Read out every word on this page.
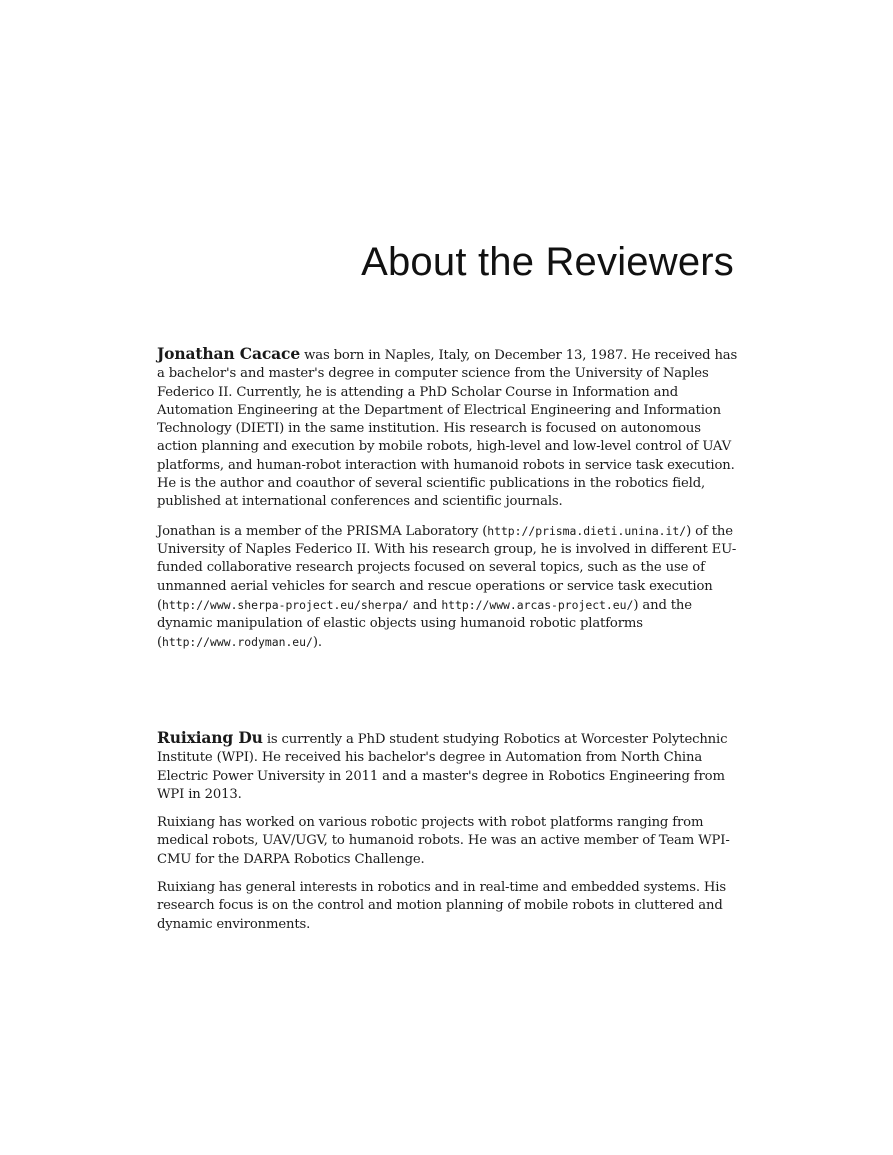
About the Reviewers

Jonathan Cacace was born in Naples, Italy, on December 13, 1987. He received has a bachelor's and master's degree in computer science from the University of Naples Federico II. Currently, he is attending a PhD Scholar Course in Information and Automation Engineering at the Department of Electrical Engineering and Information Technology (DIETI) in the same institution. His research is focused on autonomous action planning and execution by mobile robots, high-level and low-level control of UAV platforms, and human-robot interaction with humanoid robots in service task execution. He is the author and coauthor of several scientific publications in the robotics field, published at international conferences and scientific journals.

Jonathan is a member of the PRISMA Laboratory (http://prisma.dieti.unina.it/) of the University of Naples Federico II. With his research group, he is involved in different EU-funded collaborative research projects focused on several topics, such as the use of unmanned aerial vehicles for search and rescue operations or service task execution (http://www.sherpa-project.eu/sherpa/ and http://www.arcas-project.eu/) and the dynamic manipulation of elastic objects using humanoid robotic platforms (http://www.rodyman.eu/).

Ruixiang Du is currently a PhD student studying Robotics at Worcester Polytechnic Institute (WPI). He received his bachelor's degree in Automation from North China Electric Power University in 2011 and a master's degree in Robotics Engineering from WPI in 2013.

Ruixiang has worked on various robotic projects with robot platforms ranging from medical robots, UAV/UGV, to humanoid robots. He was an active member of Team WPI-CMU for the DARPA Robotics Challenge.

Ruixiang has general interests in robotics and in real-time and embedded systems. His research focus is on the control and motion planning of mobile robots in cluttered and dynamic environments.
